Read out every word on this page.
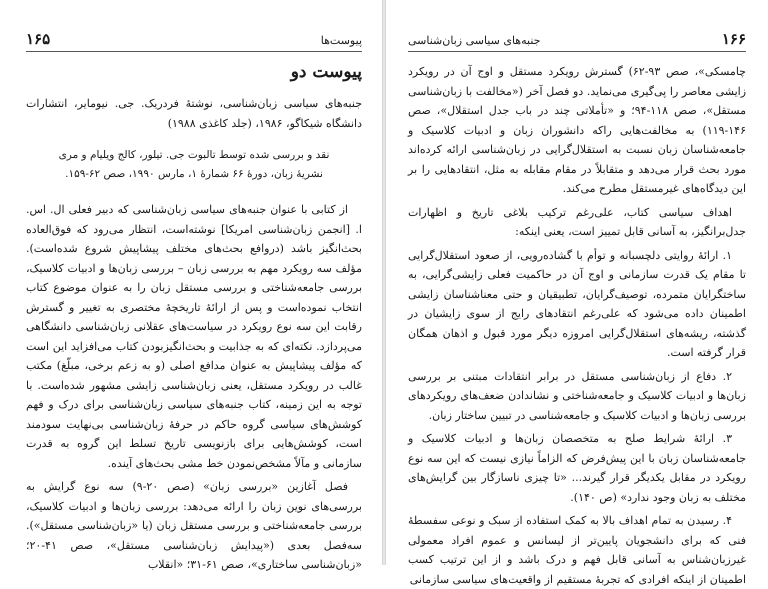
پیوست‌ها
۱۶۵
پیوست دو

جنبه‌های سیاسی زبان‌شناسی، نوشتهٔ فردریک. جی. نیومایر، انتشارات دانشگاه شیکاگو، ۱۹۸۶، (جلد کاغذی ۱۹۸۸)

نقد و بررسی شده توسط تالبوت جی. تیلور، کالج ویلیام و مری
نشریهٔ زبان، دورهٔ ۶۶ شمارهٔ ۱، مارس ۱۹۹۰، صص ۶۲-۱۵۹.

از کتابی با عنوان جنبه‌های سیاسی زبان‌شناسی که دبیر فعلی ال. اس. ا. [انجمن زبان‌شناسی امریکا] نوشته‌است، انتظار می‌رود که فوق‌العاده بحث‌انگیز باشد (دروافع بحث‌های مختلف پیشاپیش شروع شده‌است). مؤلف سه رویکرد مهم به بررسی زبان – بررسی زبان‌ها و ادبیات کلاسیک، بررسی جامعه‌شناختی و بررسی مستقل زبان را به عنوان موضوع کتاب انتخاب نموده‌است و پس از ارائهٔ تاریخچهٔ مختصری به تغییر و گسترش رقابت این سه نوع رویکرد در سیاست‌های عقلانی زبان‌شناسی دانشگاهی می‌پردازد. نکته‌ای که به جذابیت و بحث‌انگیزبودن کتاب می‌افزاید این است که مؤلف پیشاپیش به عنوان مدافع اصلی (و به زعم برخی، مبلّغ) مکتب غالب در رویکرد مستقل، یعنی زبان‌شناسی زایشی مشهور شده‌است. با توجه به این زمینه، کتاب جنبه‌های سیاسی زبان‌شناسی برای درک و فهم کوشش‌های سیاسی گروه حاکم در حرفهٔ زبان‌شناسی بی‌نهایت سودمند است، کوشش‌هایی برای بازنویسی تاریخ تسلط این گروه به قدرت سازمانی و مآلاً مشخص‌نمودن خط مشی بحث‌های آینده.

فصل آغازین «بررسی زبان» (صص ۲۰-۹) سه نوع گرایش به بررسی‌های نوین زبان را ارائه می‌دهد: بررسی زبان‌ها و ادبیات کلاسیک، بررسی جامعه‌شناختی و بررسی مستقل زبان (یا «زبان‌شناسی مستقل»). سه‌فصل بعدی («پیدایش زبان‌شناسی مستقل»، صص ۴۱-۲۰؛ «زبان‌شناسی ساختاری»، صص ۶۱-۳۱؛ «انقلاب

۱۶۶
جنبه‌های سیاسی زبان‌شناسی

چامسکی»، صص ۹۳-۶۲) گسترش رویکرد مستقل و اوج آن در رویکرد زایشی معاصر را پی‌گیری می‌نماید. دو فصل آخر («مخالفت با زبان‌شناسی مستقل»، صص ۱۱۸-۹۴؛ و «تأملاتی چند در باب جدل استقلال»، صص ۱۴۶-۱۱۹) به مخالفت‌هایی راکه دانشوران زبان و ادبیات کلاسیک و جامعه‌شناسان زبان نسبت به استقلال‌گرایی در زبان‌شناسی ارائه کرده‌اند مورد بحث قرار می‌دهد و متقابلاً در مقام مقابله به مثل، انتقادهایی را بر این دیدگاه‌های غیرمستقل مطرح می‌کند.

اهداف سیاسی کتاب، علی‌رغم ترکیب بلاغی تاریخ و اظهارات جدل‌برانگیز، به آسانی قابل تمییز است، یعنی اینکه:

۱. ارائهٔ روایتی دلچسبانه و توأم با گشاده‌رویی، از صعود استقلال‌گرایی تا مقام یک قدرت سازمانی و اوج آن در حاکمیت فعلی زایشی‌گرایی، به ساختگرایان متمرده، توصیف‌گرایان، تطبیقیان و حتی معناشناسان زایشی اطمینان داده می‌شود که علی‌رغم انتقادهای رایج از سوی زایشیان در گذشته، ریشه‌های استقلال‌گرایی امروزه دیگر مورد قبول و اذهان همگان قرار گرفته است.

۲. دفاع از زبان‌شناسی مستقل در برابر انتقادات مبتنی بر بررسی زبان‌ها و ادبیات کلاسیک و جامعه‌شناختی و نشاندادن ضعف‌های رویکردهای بررسی زبان‌ها و ادبیات کلاسیک و جامعه‌شناسی در تبیین ساختار زبان.

۳. ارائهٔ شرایط صلح به متخصصان زبان‌ها و ادبیات کلاسیک و جامعه‌شناسان زبان با این پیش‌فرض که الزاماً نیازی نیست که این سه نوع رویکرد در مقابل یکدیگر قرار گیرند... «تا چیزی ناسازگار بین گرایش‌های مختلف به زبان وجود ندارد» (ص ۱۴۰).

۴. رسیدن به تمام اهداف بالا به کمک استفاده از سبک و نوعی سفسطهٔ فنی که برای دانشجویان پایین‌تر از لیسانس و عموم افراد معمولی غیرزبان‌شناس به آسانی قابل فهم و درک باشد و از این ترتیب کسب اطمینان از اینکه افرادی که تجربهٔ مستقیم از واقعیت‌های سیاسی سازمانی
